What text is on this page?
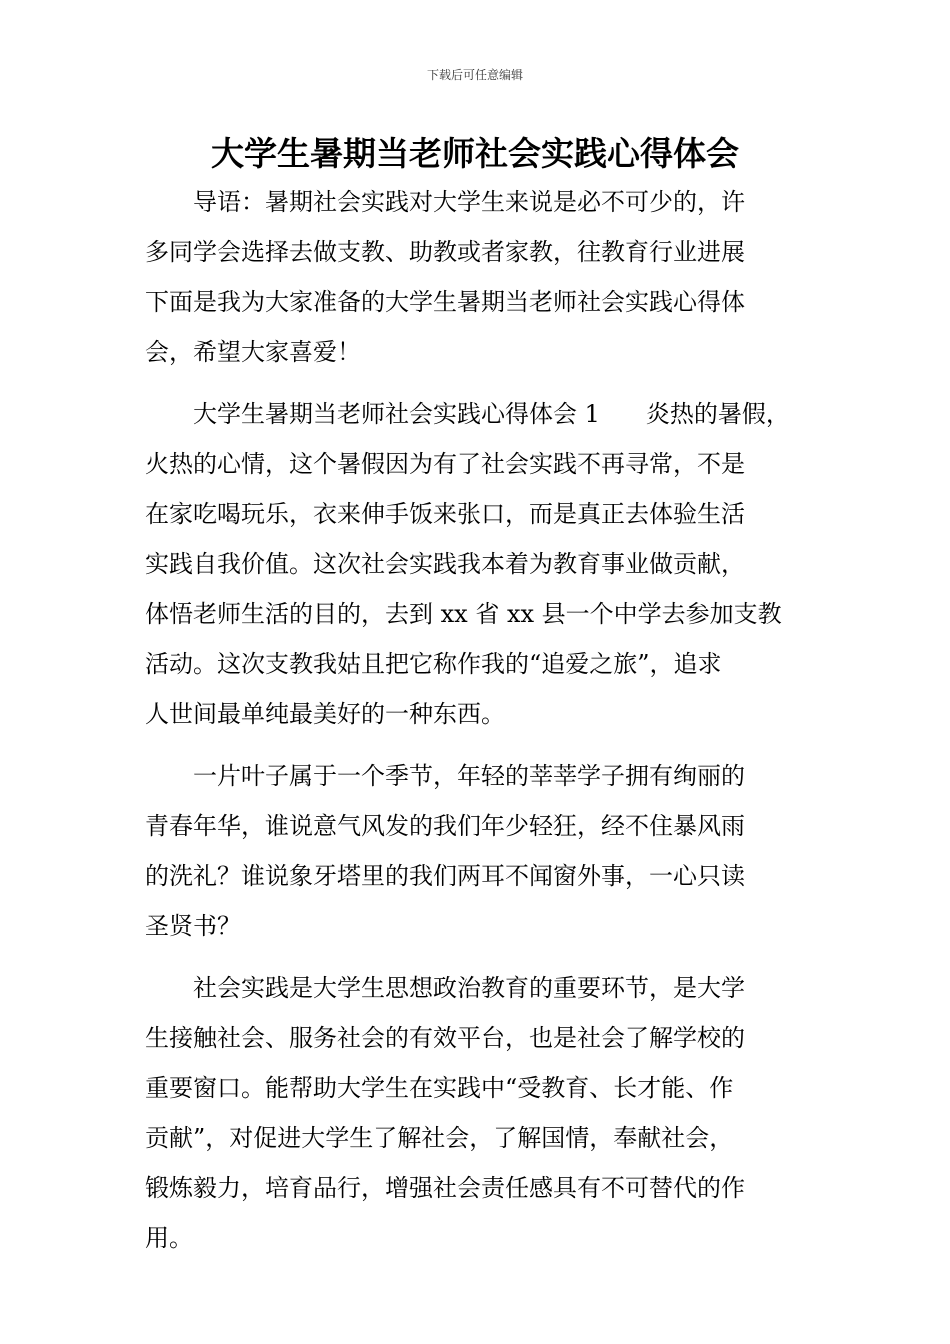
下载后可任意编辑
大学生暑期当老师社会实践心得体会

导语：暑期社会实践对大学生来说是必不可少的，许
多同学会选择去做支教、助教或者家教，往教育行业进展
下面是我为大家准备的大学生暑期当老师社会实践心得体
会，希望大家喜爱！

大学生暑期当老师社会实践心得体会 1 炎热的暑假，
火热的心情，这个暑假因为有了社会实践不再寻常，不是
在家吃喝玩乐，衣来伸手饭来张口，而是真正去体验生活
实践自我价值。这次社会实践我本着为教育事业做贡献，
体悟老师生活的目的，去到 xx 省 xx 县一个中学去参加支教
活动。这次支教我姑且把它称作我的“追爱之旅”，追求
人世间最单纯最美好的一种东西。

一片叶子属于一个季节，年轻的莘莘学子拥有绚丽的
青春年华，谁说意气风发的我们年少轻狂，经不住暴风雨
的洗礼？谁说象牙塔里的我们两耳不闻窗外事，一心只读
圣贤书？

社会实践是大学生思想政治教育的重要环节，是大学
生接触社会、服务社会的有效平台，也是社会了解学校的
重要窗口。能帮助大学生在实践中“受教育、长才能、作
贡献”，对促进大学生了解社会，了解国情，奉献社会，
锻炼毅力，培育品行，增强社会责任感具有不可替代的作
用。
